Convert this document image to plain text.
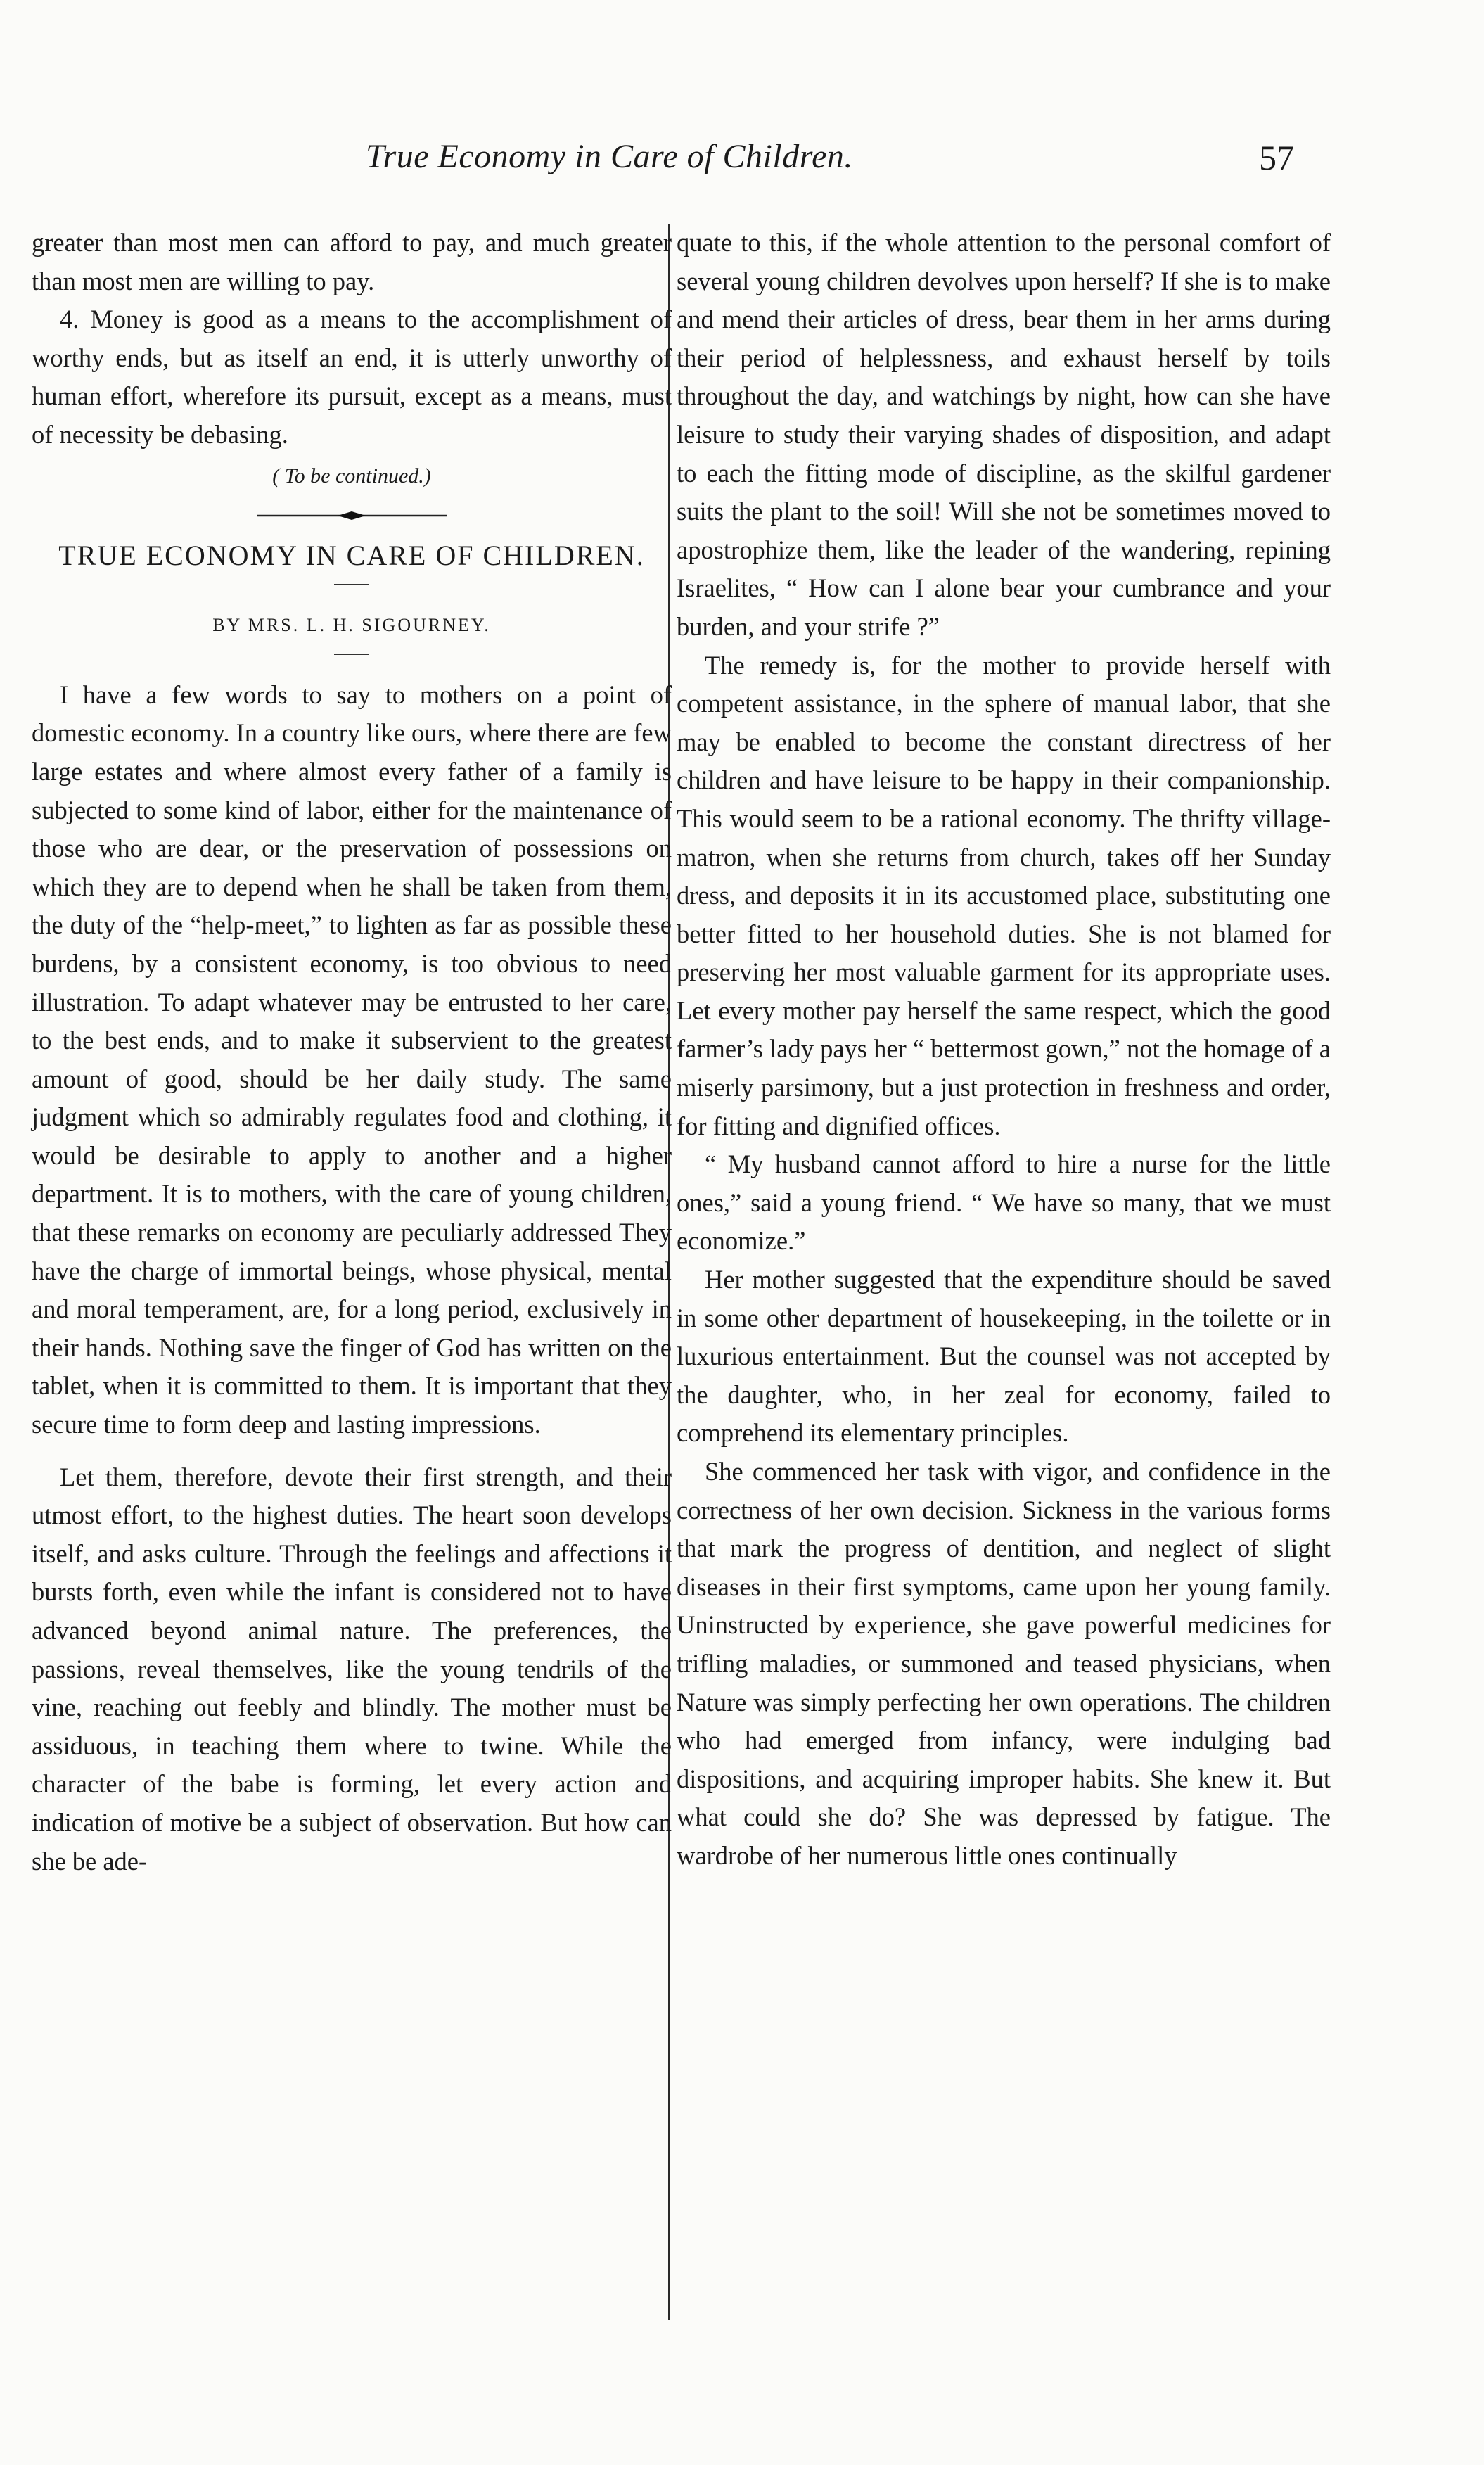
True Economy in Care of Children.	57

greater than most men can afford to pay, and much greater than most men are willing to pay.

4. Money is good as a means to the accomplishment of worthy ends, but as itself an end, it is utterly unworthy of human effort, wherefore its pursuit, except as a means, must of necessity be debasing.

( To be continued.)

TRUE ECONOMY IN CARE OF CHILDREN.

BY MRS. L. H. SIGOURNEY.

I have a few words to say to mothers on a point of domestic economy. In a country like ours, where there are few large estates and where almost every father of a family is subjected to some kind of labor, either for the maintenance of those who are dear, or the preservation of possessions on which they are to depend when he shall be taken from them, the duty of the “help-meet,” to lighten as far as possible these burdens, by a consistent economy, is too obvious to need illustration. To adapt whatever may be entrusted to her care, to the best ends, and to make it subservient to the greatest amount of good, should be her daily study. The same judgment which so admirably regulates food and clothing, it would be desirable to apply to another and a higher department. It is to mothers, with the care of young children, that these remarks on economy are peculiarly addressed They have the charge of immortal beings, whose physical, mental and moral temperament, are, for a long period, exclusively in their hands. Nothing save the finger of God has written on the tablet, when it is committed to them. It is important that they secure time to form deep and lasting impressions.

Let them, therefore, devote their first strength, and their utmost effort, to the highest duties. The heart soon develops itself, and asks culture. Through the feelings and affections it bursts forth, even while the infant is considered not to have advanced beyond animal nature. The preferences, the passions, reveal themselves, like the young tendrils of the vine, reaching out feebly and blindly. The mother must be assiduous, in teaching them where to twine. While the character of the babe is forming, let every action and indication of motive be a subject of observation. But how can she be ade-

quate to this, if the whole attention to the personal comfort of several young children devolves upon herself? If she is to make and mend their articles of dress, bear them in her arms during their period of helplessness, and exhaust herself by toils throughout the day, and watchings by night, how can she have leisure to study their varying shades of disposition, and adapt to each the fitting mode of discipline, as the skilful gardener suits the plant to the soil! Will she not be sometimes moved to apostrophize them, like the leader of the wandering, repining Israelites, “ How can I alone bear your cumbrance and your burden, and your strife ?”

The remedy is, for the mother to provide herself with competent assistance, in the sphere of manual labor, that she may be enabled to become the constant directress of her children and have leisure to be happy in their companionship. This would seem to be a rational economy. The thrifty village-matron, when she returns from church, takes off her Sunday dress, and deposits it in its accustomed place, substituting one better fitted to her household duties. She is not blamed for preserving her most valuable garment for its appropriate uses. Let every mother pay herself the same respect, which the good farmer’s lady pays her “ bettermost gown,” not the homage of a miserly parsimony, but a just protection in freshness and order, for fitting and dignified offices.

“ My husband cannot afford to hire a nurse for the little ones,” said a young friend. “ We have so many, that we must economize.”

Her mother suggested that the expenditure should be saved in some other department of housekeeping, in the toilette or in luxurious entertainment. But the counsel was not accepted by the daughter, who, in her zeal for economy, failed to comprehend its elementary principles.

She commenced her task with vigor, and confidence in the correctness of her own decision. Sickness in the various forms that mark the progress of dentition, and neglect of slight diseases in their first symptoms, came upon her young family. Uninstructed by experience, she gave powerful medicines for trifling maladies, or summoned and teased physicians, when Nature was simply perfecting her own operations. The children who had emerged from infancy, were indulging bad dispositions, and acquiring improper habits. She knew it. But what could she do? She was depressed by fatigue. The wardrobe of her numerous little ones continually
